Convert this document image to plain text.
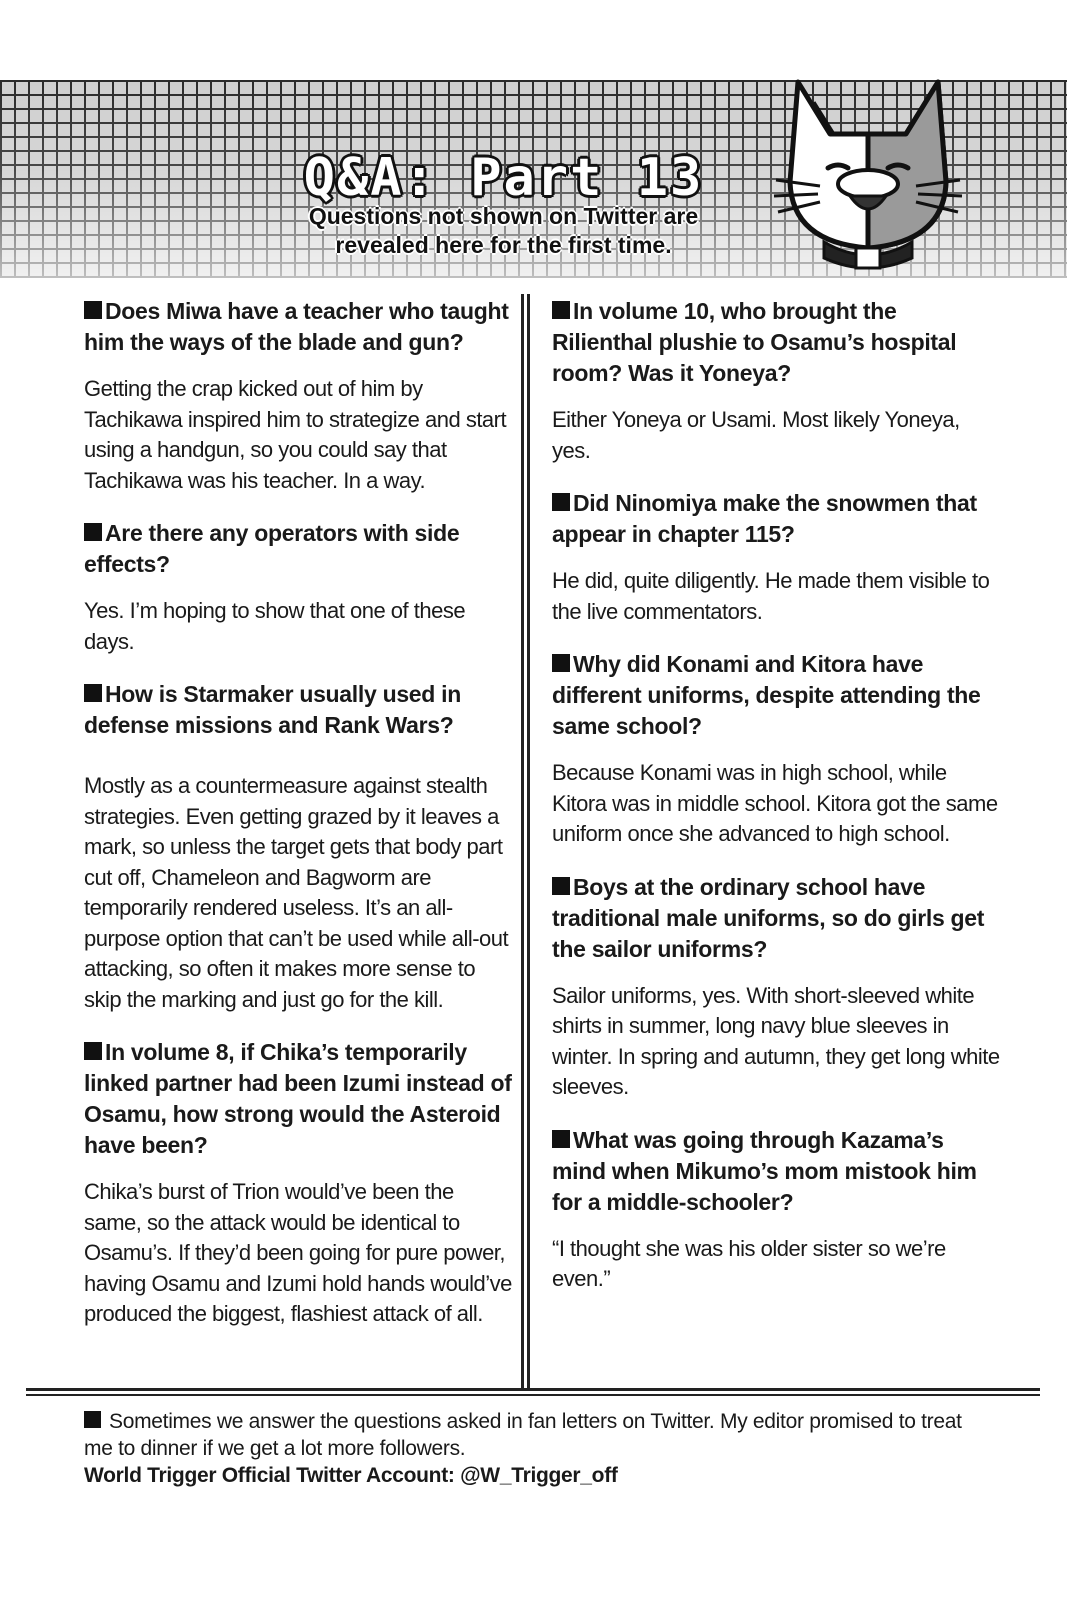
Q&A: Part 13
Questions not shown on Twitter are
revealed here for the first time.

Does Miwa have a teacher who taught him the ways of the blade and gun?

Getting the crap kicked out of him by Tachikawa inspired him to strategize and start using a handgun, so you could say that Tachikawa was his teacher. In a way.

Are there any operators with side effects?

Yes. I’m hoping to show that one of these days.

How is Starmaker usually used in defense missions and Rank Wars?

Mostly as a countermeasure against stealth strategies. Even getting grazed by it leaves a mark, so unless the target gets that body part cut off, Chameleon and Bagworm are temporarily rendered useless. It’s an all-purpose option that can’t be used while all-out attacking, so often it makes more sense to skip the marking and just go for the kill.

In volume 8, if Chika’s temporarily linked partner had been Izumi instead of Osamu, how strong would the Asteroid have been?

Chika’s burst of Trion would’ve been the same, so the attack would be identical to Osamu’s. If they’d been going for pure power, having Osamu and Izumi hold hands would’ve produced the biggest, flashiest attack of all.

In volume 10, who brought the Rilienthal plushie to Osamu’s hospital room? Was it Yoneya?

Either Yoneya or Usami. Most likely Yoneya, yes.

Did Ninomiya make the snowmen that appear in chapter 115?

He did, quite diligently. He made them visible to the live commentators.

Why did Konami and Kitora have different uniforms, despite attending the same school?

Because Konami was in high school, while Kitora was in middle school. Kitora got the same uniform once she advanced to high school.

Boys at the ordinary school have traditional male uniforms, so do girls get the sailor uniforms?

Sailor uniforms, yes. With short-sleeved white shirts in summer, long navy blue sleeves in winter. In spring and autumn, they get long white sleeves.

What was going through Kazama’s mind when Mikumo’s mom mistook him for a middle-schooler?

“I thought she was his older sister so we’re even.”

Sometimes we answer the questions asked in fan letters on Twitter. My editor promised to treat me to dinner if we get a lot more followers.
World Trigger Official Twitter Account: @W_Trigger_off
